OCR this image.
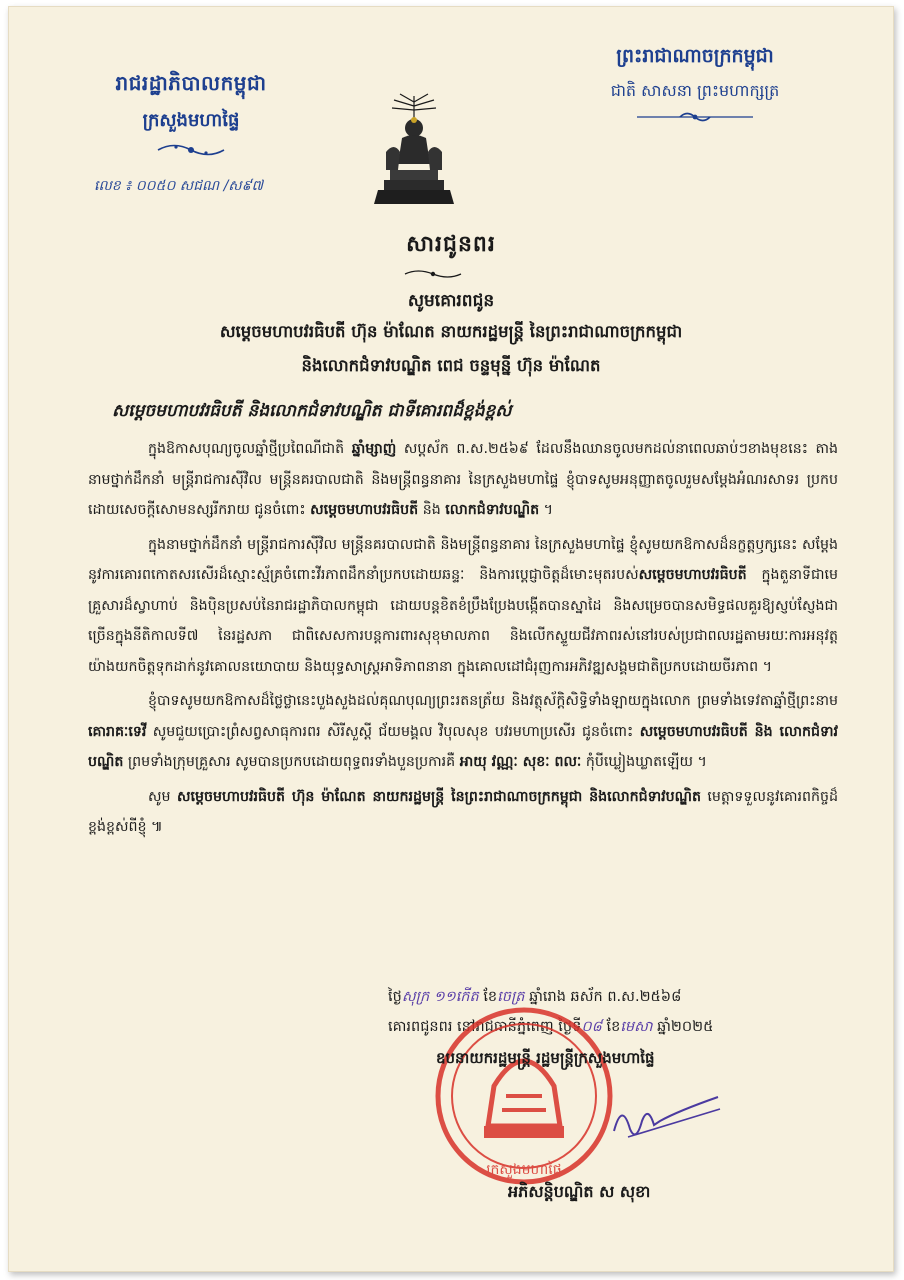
រាជរដ្ឋាភិបាលកម្ពុជា
ក្រសួងមហាផ្ទៃ
លេខ ៖ ០០៥០ សជណ /ស៩៧
ព្រះរាជាណាចក្រកម្ពុជា
ជាតិ សាសនា ព្រះមហាក្សត្រ
សារជូនពរ
សូមគោរពជូន
សម្តេចមហាបវរធិបតី ហ៊ុន ម៉ាណែត នាយករដ្ឋមន្ត្រី នៃព្រះរាជាណាចក្រកម្ពុជា
និងលោកជំទាវបណ្ឌិត ពេជ ចន្ទមុន្នី ហ៊ុន ម៉ាណែត
សម្តេចមហាបវរធិបតី និងលោកជំទាវបណ្ឌិត ជាទីគោរពដ៏ខ្ពង់ខ្ពស់

ក្នុងឱកាសបុណ្យចូលឆ្នាំថ្មីប្រពៃណីជាតិ ឆ្នាំម្សាញ់ សប្តស័ក ព.ស.២៥៦៩ ដែលនឹងឈានចូលមកដល់នាពេលឆាប់ៗខាងមុខនេះ តាងនាមថ្នាក់ដឹកនាំ មន្ត្រីរាជការស៊ីវិល មន្ត្រីនគរបាលជាតិ និងមន្ត្រីពន្ធនាគារ នៃក្រសួងមហាផ្ទៃ ខ្ញុំបាទសូមអនុញ្ញាតចូលរួមសម្តែងអំណរសាទរ ប្រកបដោយសេចក្តីសោមនស្សរីករាយ ជូនចំពោះ សម្តេចមហាបវរធិបតី និង លោកជំទាវបណ្ឌិត ។

ក្នុងនាមថ្នាក់ដឹកនាំ មន្ត្រីរាជការស៊ីវិល មន្ត្រីនគរបាលជាតិ និងមន្ត្រីពន្ធនាគារ នៃក្រសួងមហាផ្ទៃ ខ្ញុំសូមយកឱកាសដ៏នក្ខត្តឫក្សនេះ សម្តែងនូវការគោរពកោតសរសើរដ៏ស្មោះស្ម័គ្រចំពោះវីរភាពដឹកនាំប្រកបដោយឆន្ទៈ និងការប្តេជ្ញាចិត្តដ៏មោះមុតរបស់សម្តេចមហាបវរធិបតី ក្នុងតួនាទីជាមេគ្រួសារដ៏ស្វាហាប់ និងប៉ិនប្រសប់នៃរាជរដ្ឋាភិបាលកម្ពុជា ដោយបន្តខិតខំប្រឹងប្រែងបង្កើតបានស្នាដៃ និងសម្រេចបានសមិទ្ធផលគួរឱ្យស្ញប់ស្ញែងជាច្រើនក្នុងនីតិកាលទី៧ នៃរដ្ឋសភា ជាពិសេសការបន្តការពារសុខុមាលភាព និងលើកស្ទួយជីវភាពរស់នៅរបស់ប្រជាពលរដ្ឋតាមរយៈការអនុវត្តយ៉ាងយកចិត្តទុកដាក់នូវគោលនយោបាយ និងយុទ្ធសាស្ត្រអាទិភាពនានា ក្នុងគោលដៅជំរុញការអភិវឌ្ឍសង្គមជាតិប្រកបដោយចីរភាព ។

ខ្ញុំបាទសូមយកឱកាសដ៏ថ្លៃថ្លានេះបួងសួងដល់គុណបុណ្យព្រះរតនត្រ័យ និងវត្ថុស័ក្តិសិទ្ធិទាំងឡាយក្នុងលោក ព្រមទាំងទេវតាឆ្នាំថ្មីព្រះនាម គោរាគៈទេវី សូមជួយប្រោះព្រំសព្វសាធុការពរ សិរីសួស្តី ជ័យមង្គល វិបុលសុខ បវរមហាប្រសើរ ជូនចំពោះ សម្តេចមហាបវរធិបតី និង លោកជំទាវបណ្ឌិត ព្រមទាំងក្រុមគ្រួសារ សូមបានប្រកបដោយពុទ្ធពរទាំងបួនប្រការគឺ អាយុ វណ្ណៈ សុខៈ ពលៈ កុំបីឃ្លៀងឃ្លាតឡើយ ។

សូម សម្តេចមហាបវរធិបតី ហ៊ុន ម៉ាណែត នាយករដ្ឋមន្ត្រី នៃព្រះរាជាណាចក្រកម្ពុជា និងលោកជំទាវបណ្ឌិត មេត្តាទទួលនូវគោរពកិច្ចដ៏ខ្ពង់ខ្ពស់ពីខ្ញុំ ៕

ថ្ងៃសុក្រ ១១កើត ខែចេត្រ ឆ្នាំរោង ឆស័ក ព.ស.២៥៦៨
គោរពជូនពរ នៅរាជធានីភ្នំពេញ ថ្ងៃទី០៨ ខែមេសា ឆ្នាំ២០២៥
ក្រសួងមហាផ្ទៃ
ឧបនាយករដ្ឋមន្ត្រី រដ្ឋមន្ត្រីក្រសួងមហាផ្ទៃ
អភិសន្តិបណ្ឌិត ស សុខា
